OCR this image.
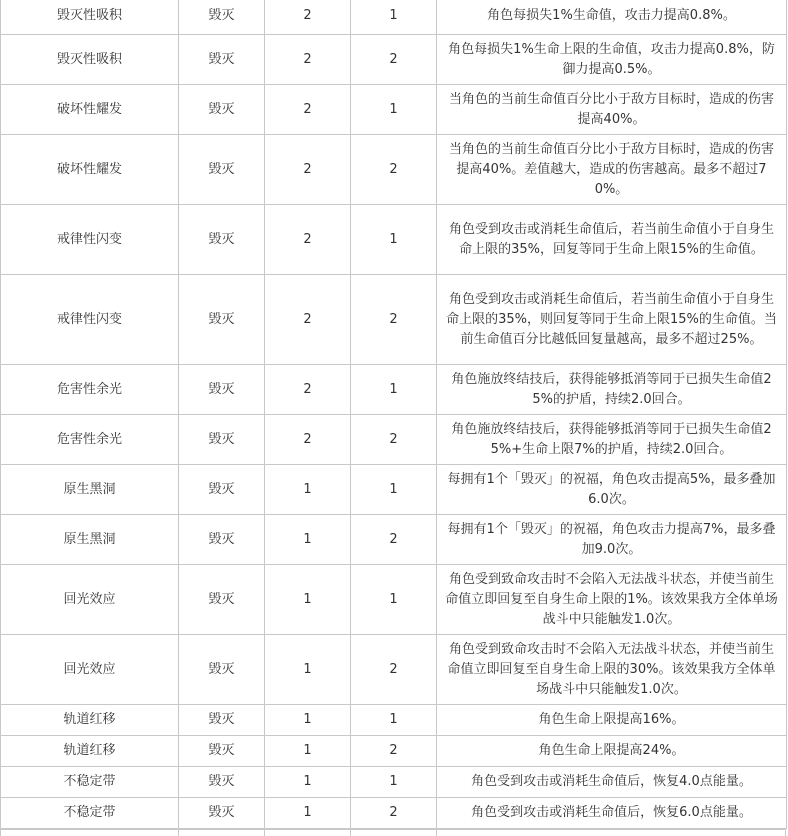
毁灭性吸积	毁灭	2	1	角色每损失1%生命值，攻击力提高0.8%。
毁灭性吸积	毁灭	2	2	角色每损失1%生命上限的生命值，攻击力提高0.8%，防御力提高0.5%。
破坏性耀发	毁灭	2	1	当角色的当前生命值百分比小于敌方目标时，造成的伤害提高40%。
破坏性耀发	毁灭	2	2	当角色的当前生命值百分比小于敌方目标时，造成的伤害提高40%。差值越大，造成的伤害越高。最多不超过70%。
戒律性闪变	毁灭	2	1	角色受到攻击或消耗生命值后，若当前生命值小于自身生命上限的35%，回复等同于生命上限15%的生命值。
戒律性闪变	毁灭	2	2	角色受到攻击或消耗生命值后，若当前生命值小于自身生命上限的35%，则回复等同于生命上限15%的生命值。当前生命值百分比越低回复量越高，最多不超过25%。
危害性余光	毁灭	2	1	角色施放终结技后，获得能够抵消等同于已损失生命值25%的护盾，持续2.0回合。
危害性余光	毁灭	2	2	角色施放终结技后，获得能够抵消等同于已损失生命值25%+生命上限7%的护盾，持续2.0回合。
原生黑洞	毁灭	1	1	每拥有1个「毁灭」的祝福，角色攻击提高5%，最多叠加6.0次。
原生黑洞	毁灭	1	2	每拥有1个「毁灭」的祝福，角色攻击力提高7%，最多叠加9.0次。
回光效应	毁灭	1	1	角色受到致命攻击时不会陷入无法战斗状态，并使当前生命值立即回复至自身生命上限的1%。该效果我方全体单场战斗中只能触发1.0次。
回光效应	毁灭	1	2	角色受到致命攻击时不会陷入无法战斗状态，并使当前生命值立即回复至自身生命上限的30%。该效果我方全体单场战斗中只能触发1.0次。
轨道红移	毁灭	1	1	角色生命上限提高16%。
轨道红移	毁灭	1	2	角色生命上限提高24%。
不稳定带	毁灭	1	1	角色受到攻击或消耗生命值后，恢复4.0点能量。
不稳定带	毁灭	1	2	角色受到攻击或消耗生命值后，恢复6.0点能量。
